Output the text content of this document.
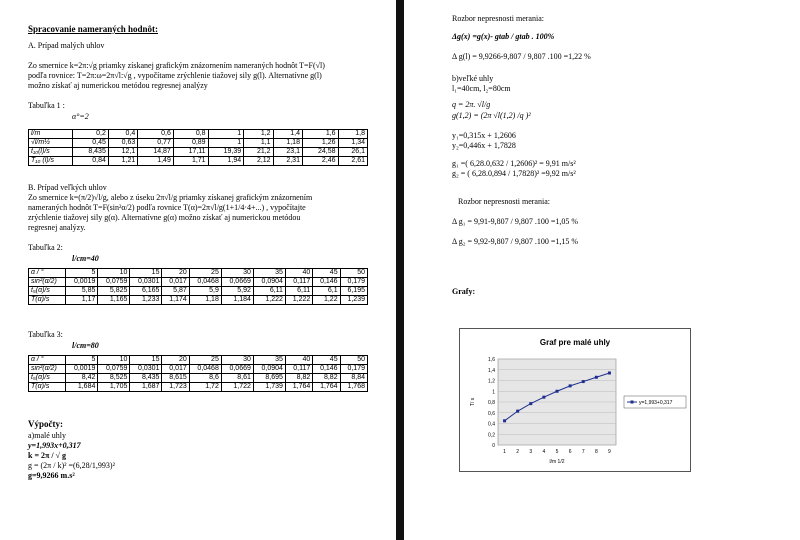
Spracovanie nameraných hodnôt:
A. Prípad malých uhlov
Zo smernice k=2π:√g priamky získanej grafickým znázornením nameraných hodnôt T=F(√l)
podľa rovnice: T=2π:ω=2π√l:√g , vypočítame zrýchlenie tiažovej sily g(l). Alternatívne g(l)
možno získať aj numerickou metódou regresnej analýzy
Tabuľka 1 :
α°=2
l/m	0,2	0,4	0,6	0,8	1	1,2	1,4	1,6	1,8
√l/m½	0,45	0,63	0,77	0,89	1	1,1	1,18	1,26	1,34
t₁₀(l)/s	8,435	12,1	14,87	17,11	19,39	21,2	23,1	24,58	26,1
T₁₀ (l)/s	0,84	1,21	1,49	1,71	1,94	2,12	2,31	2,46	2,61
B. Prípad veľkých uhlov
Zo smernice k=(π/2)√l/g, alebo z úseku 2π√l/g priamky získanej grafickým znázornením
nameraných hodnôt T=F(sin²α/2) podľa rovnice T(α)=2π√l/g(1+1/4·4+...) , vypočítajte
zrýchlenie tiažovej sily g(α). Alternatívne g(α) možno získať aj numerickou metódou
regresnej analýzy.
Tabuľka 2:
l/cm=40
α / °	5	10	15	20	25	30	35	40	45	50
sin²(α/2)	0,0019	0,0759	0,0301	0,017	0,0468	0,0669	0,0904	0,117	0,146	0,179
t₅(α)/s	5,85	5,825	6,165	5,87	5,9	5,92	6,11	6,11	6,1	6,195
T(α)/s	1,17	1,165	1,233	1,174	1,18	1,184	1,222	1,222	1,22	1,239
Tabuľka 3:
l/cm=80
α / °	5	10	15	20	25	30	35	40	45	50
sin²(α/2)	0,0019	0,0759	0,0301	0,017	0,0468	0,0669	0,0904	0,117	0,146	0,179
t₅(α)/s	8,42	8,525	8,435	8,615	8,6	8,61	8,695	8,82	8,82	8,84
T(α)/s	1,684	1,705	1,687	1,723	1,72	1,722	1,739	1,764	1,764	1,768
Výpočty:
a)malé uhly
y=1,993x+0,317
k = 2π / √ g
g = (2π / k)² =(6,28/1,993)²
g=9,9266 m.s²
Rozbor nepresnosti merania:
Δg(x) =g(x)- gtab / gtab . 100%
Δ g(l) = 9,9266-9,807 / 9,807 .100 =1,22 %
b)veľké uhly
l₁=40cm, l₂=80cm
q = 2π. √l/g
g(1,2) = (2π √l(1,2) /q )²
y₁=0,315x + 1,2606
y₂=0,446x + 1,7828
g₁ =( 6,28.0,632 / 1,2606)² = 9,91 m/s²
g₂ = ( 6,28.0,894 / 1,7828)² =9,92 m/s²
Rozbor nepresnosti merania:
Δ g₁ = 9,91-9,807 / 9,807 .100 =1,05 %
Δ g₂ = 9,92-9,807 / 9,807 .100 =1,15 %
Grafy:
Graf pre malé uhly
0
0,2
0,4
0,6
0,8
1
1,2
1,4
1,6
1 2 3 4 5 6 7 8 9
T/ s
l/m 1/2
y=1,993+0,317
